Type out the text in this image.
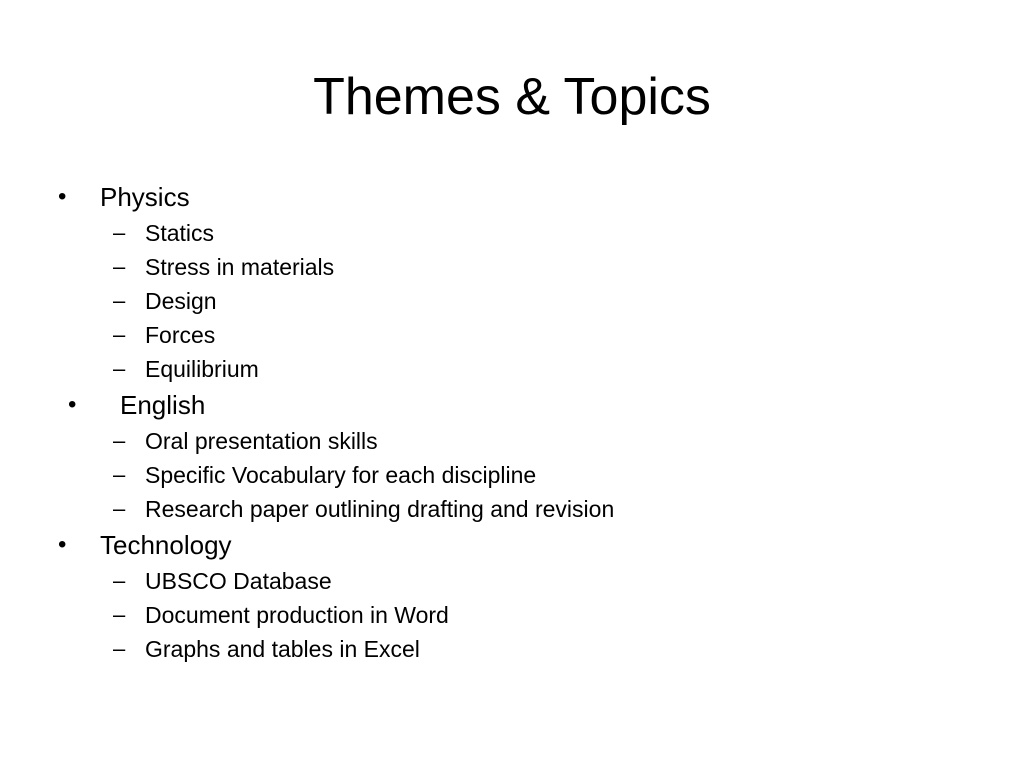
Themes & Topics
• Physics
– Statics
– Stress in materials
– Design
– Forces
– Equilibrium
• English
– Oral presentation skills
– Specific Vocabulary for each discipline
– Research paper outlining drafting and revision
• Technology
– UBSCO Database
– Document production in Word
– Graphs and tables in Excel
